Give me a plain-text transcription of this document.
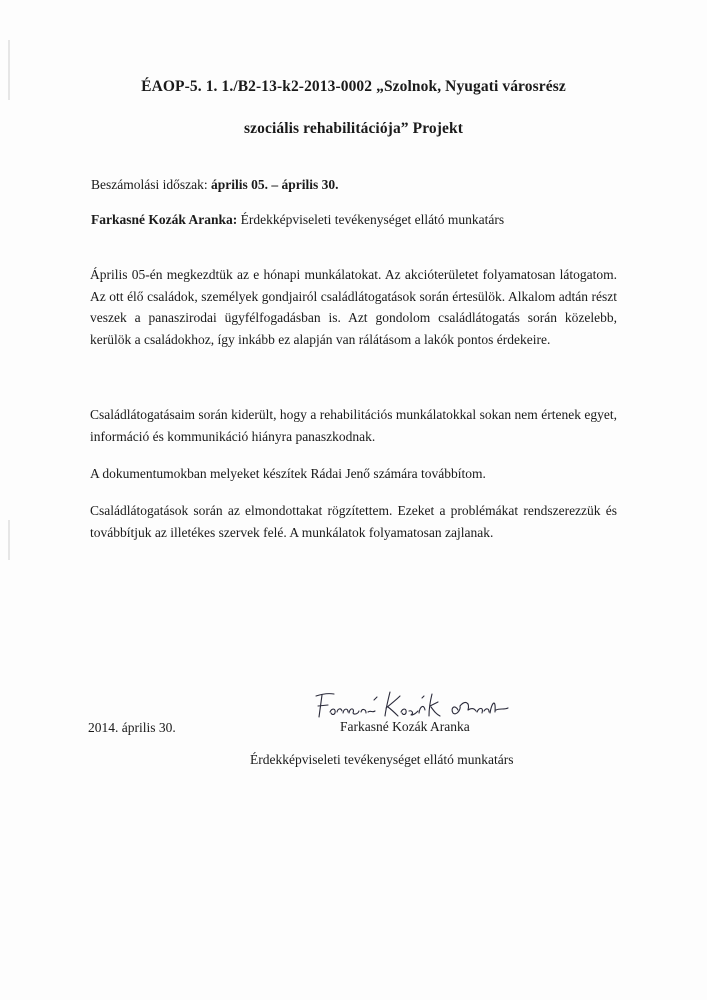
ÉAOP-5. 1. 1./B2-13-k2-2013-0002 „Szolnok, Nyugati városrész
szociális rehabilitációja” Projekt
Beszámolási időszak: április 05. – április 30.
Farkasné Kozák Aranka: Érdekképviseleti tevékenységet ellátó munkatárs
Április 05-én megkezdtük az e hónapi munkálatokat. Az akcióterületet folyamatosan látogatom. Az ott élő családok, személyek gondjairól családlátogatások során értesülök. Alkalom adtán részt veszek a panaszirodai ügyfélfogadásban is. Azt gondolom családlátogatás során közelebb, kerülök a családokhoz, így inkább ez alapján van rálátásom a lakók pontos érdekeire.
Családlátogatásaim során kiderült, hogy a rehabilitációs munkálatokkal sokan nem értenek egyet, információ és kommunikáció hiányra panaszkodnak.
A dokumentumokban melyeket készítek Rádai Jenő számára továbbítom.
Családlátogatások során az elmondottakat rögzítettem. Ezeket a problémákat rendszerezzük és továbbítjuk az illetékes szervek felé. A munkálatok folyamatosan zajlanak.
2014. április 30.	Farkasné Kozák Aranka
Érdekképviseleti tevékenységet ellátó munkatárs
